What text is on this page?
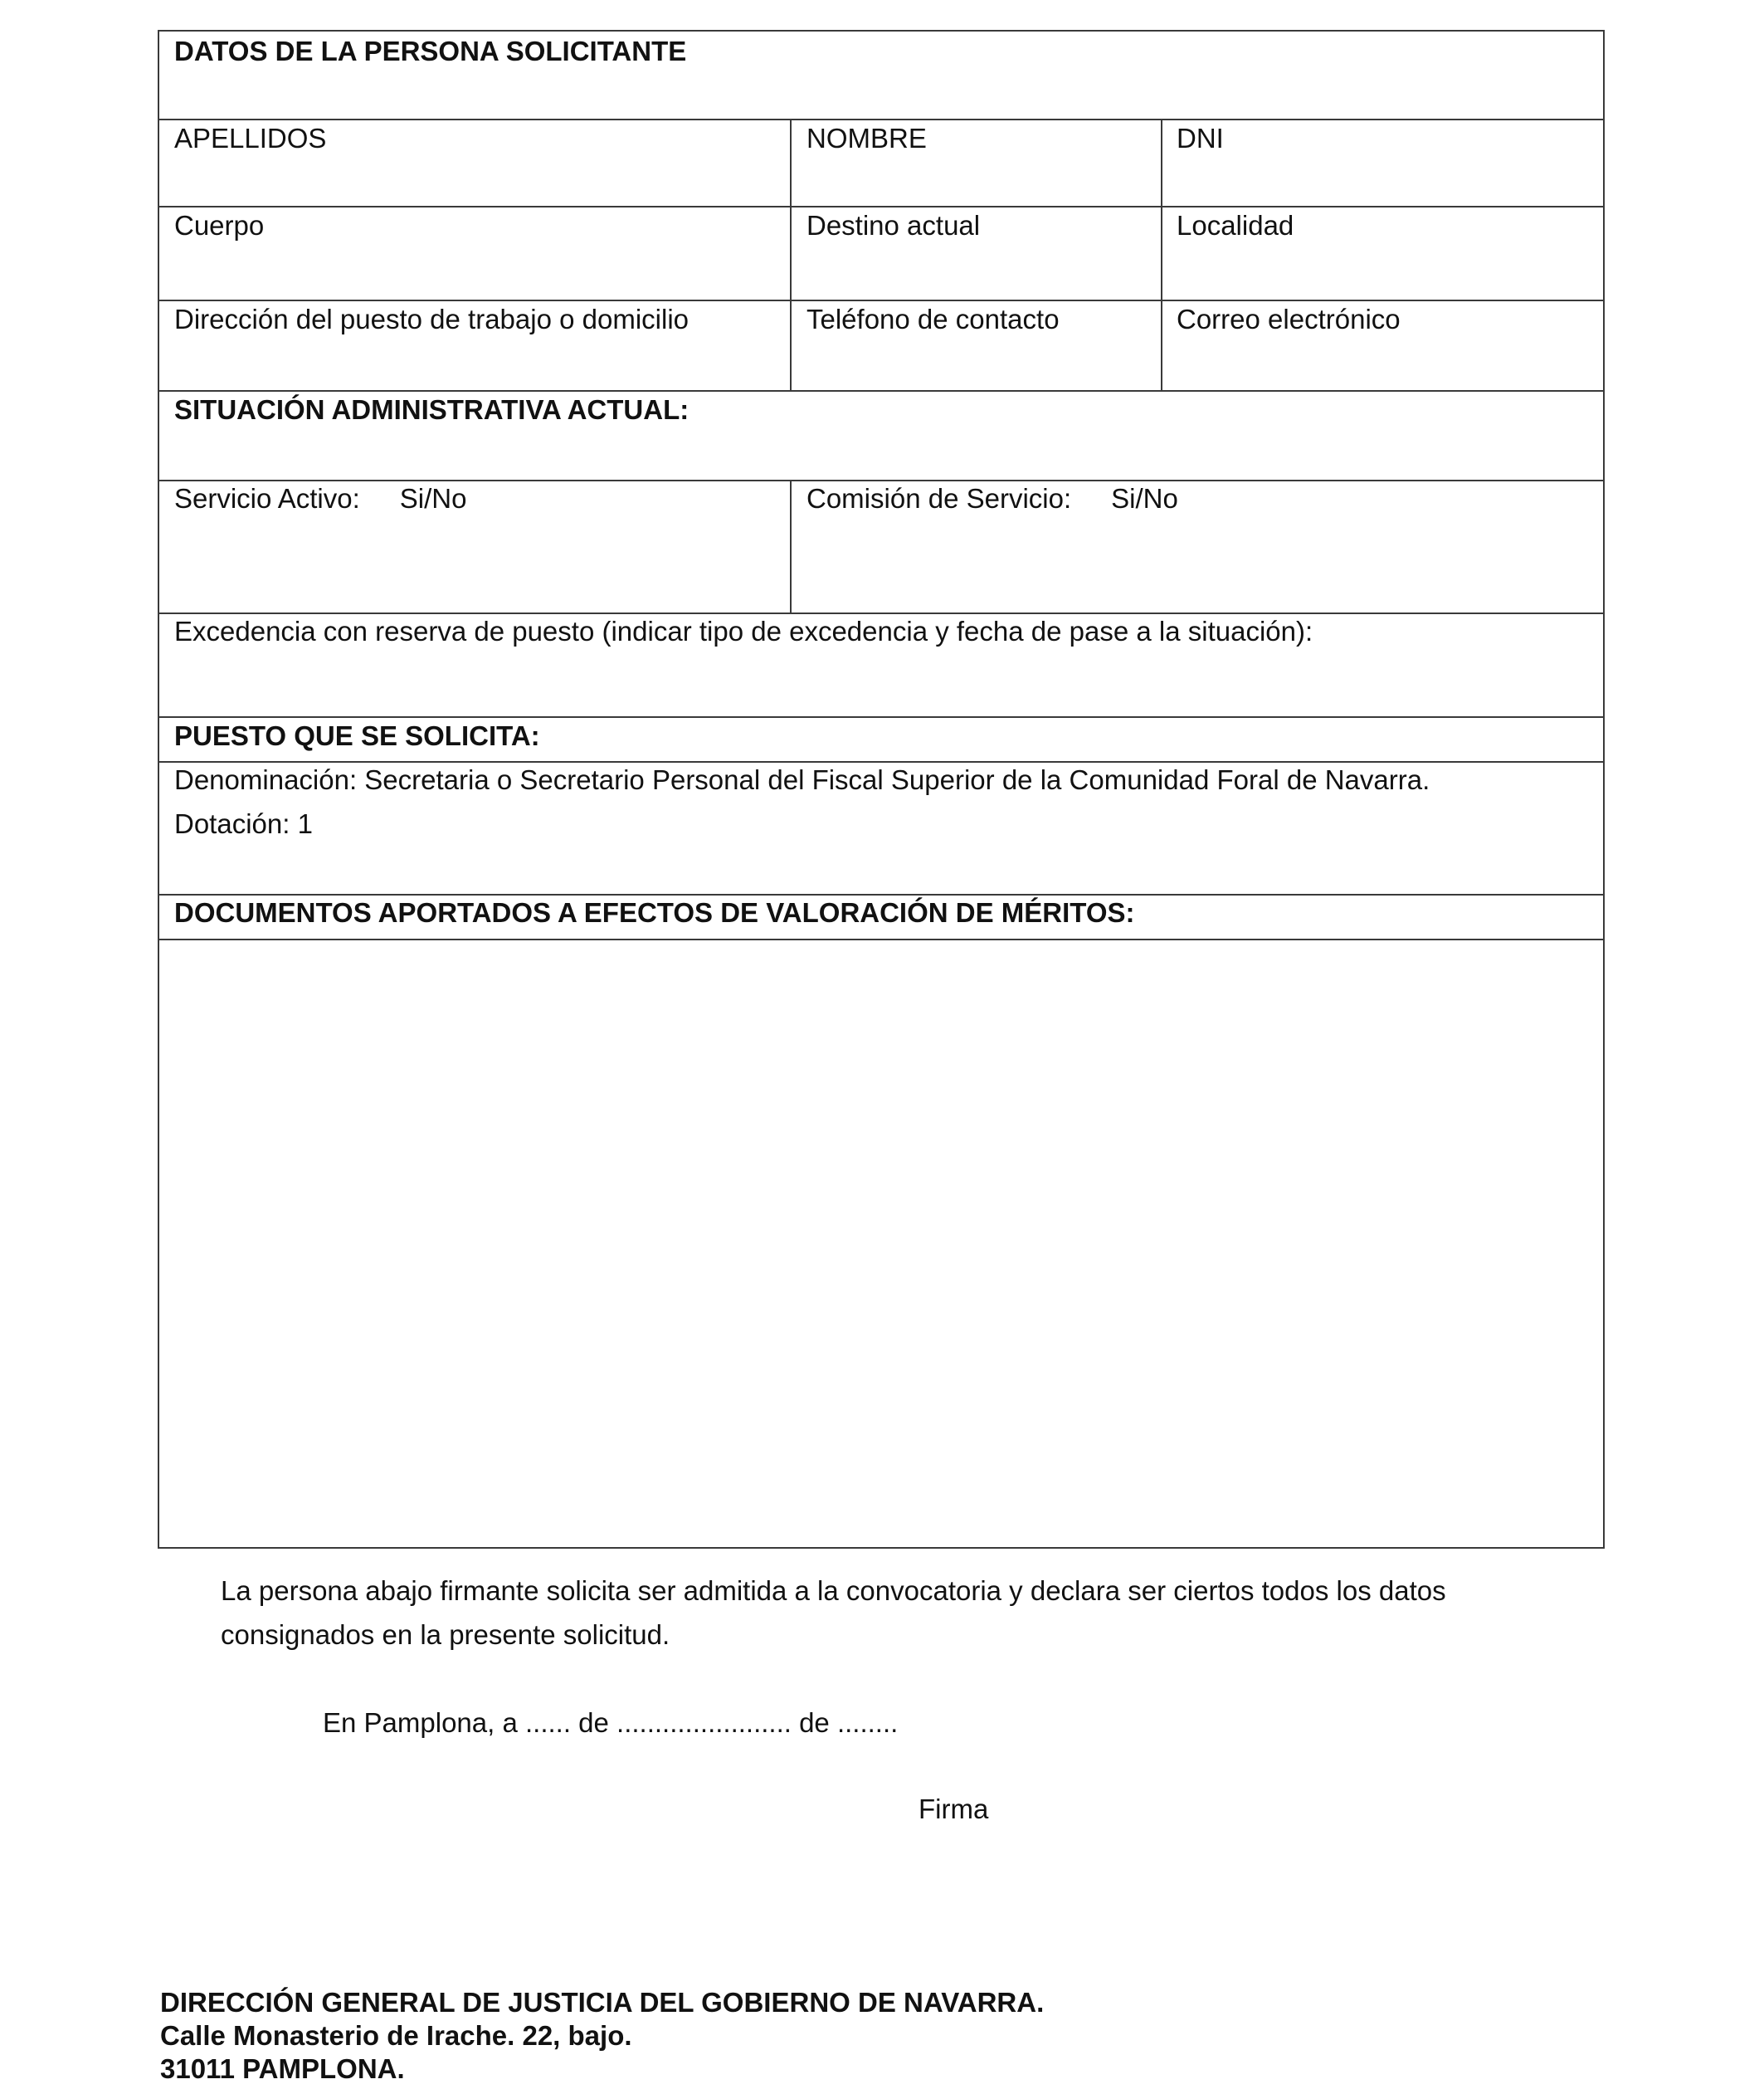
DATOS DE LA PERSONA SOLICITANTE
APELLIDOS	NOMBRE	DNI
Cuerpo	Destino actual	Localidad
Dirección del puesto de trabajo o domicilio	Teléfono de contacto	Correo electrónico
SITUACIÓN ADMINISTRATIVA ACTUAL:
Servicio Activo: Si/No	Comisión de Servicio: Si/No
Excedencia con reserva de puesto (indicar tipo de excedencia y fecha de pase a la situación):
PUESTO QUE SE SOLICITA:
Denominación: Secretaria o Secretario Personal del Fiscal Superior de la Comunidad Foral de Navarra.
Dotación: 1
DOCUMENTOS APORTADOS A EFECTOS DE VALORACIÓN DE MÉRITOS:
La persona abajo firmante solicita ser admitida a la convocatoria y declara ser ciertos todos los datos
consignados en la presente solicitud.
En Pamplona, a ...... de ....................... de ........
Firma
DIRECCIÓN GENERAL DE JUSTICIA DEL GOBIERNO DE NAVARRA.
Calle Monasterio de Irache. 22, bajo.
31011 PAMPLONA.
